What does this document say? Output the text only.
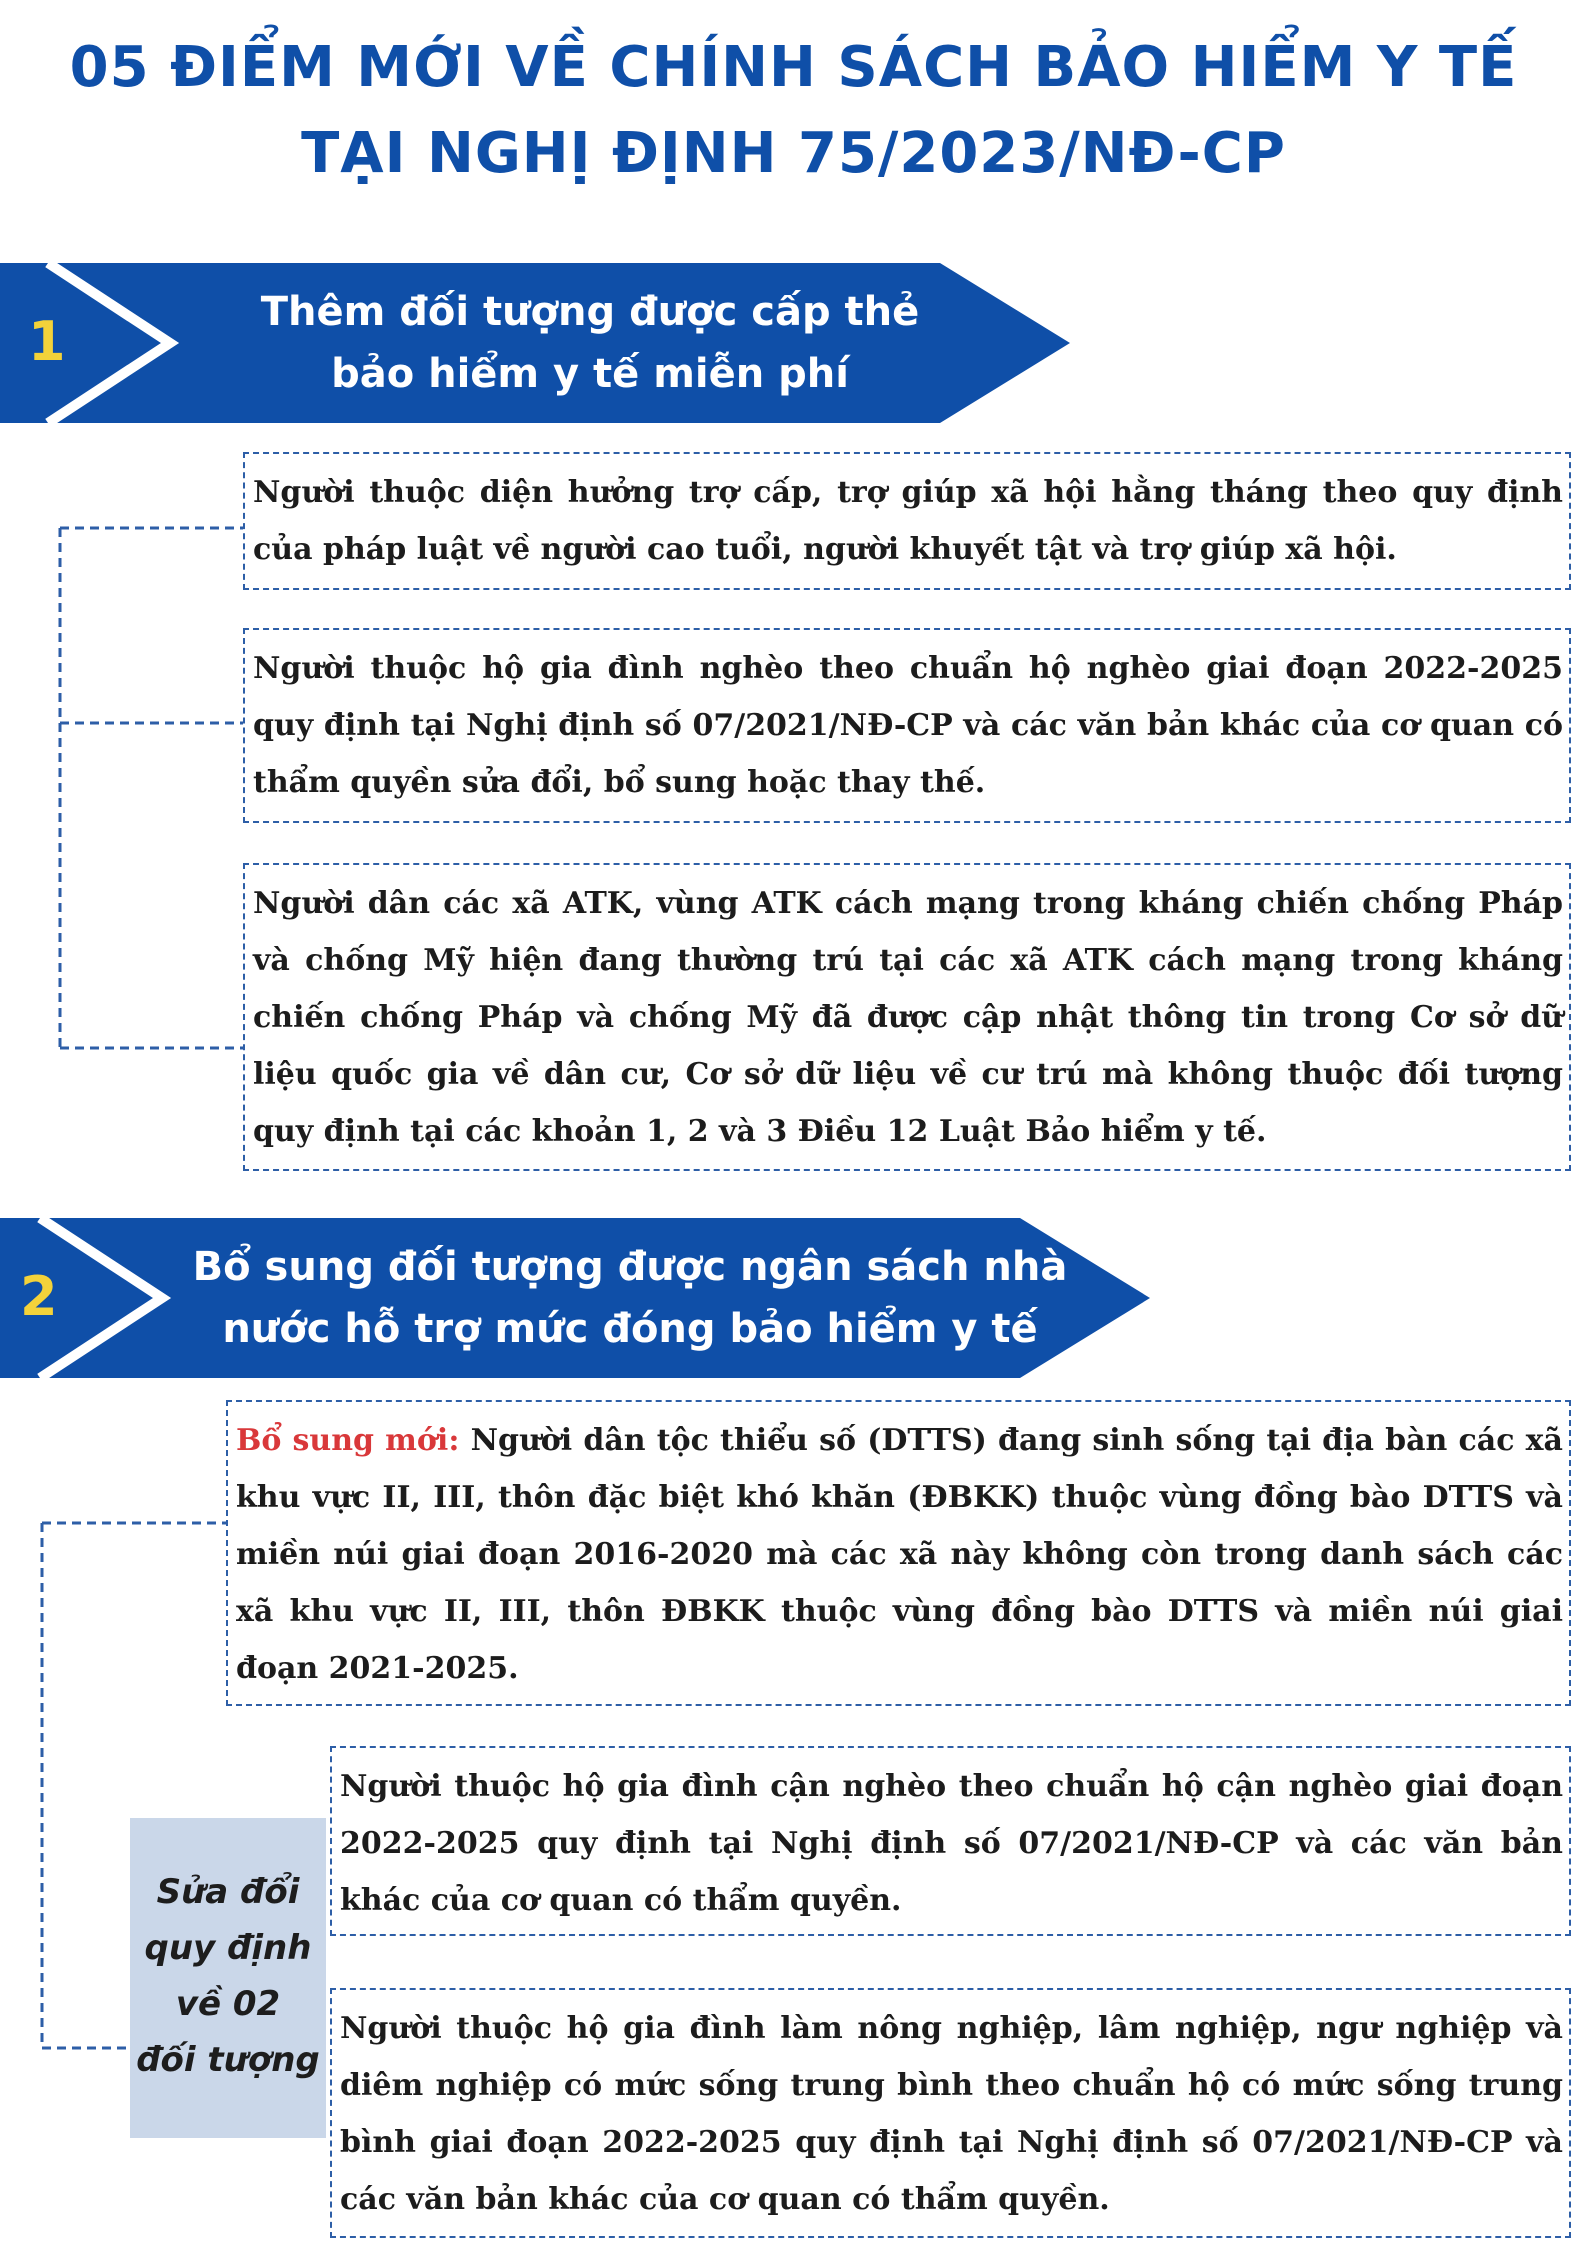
05 ĐIỂM MỚI VỀ CHÍNH SÁCH BẢO HIỂM Y TẾ
TẠI NGHỊ ĐỊNH 75/2023/NĐ-CP
1	Thêm đối tượng được cấp thẻ
bảo hiểm y tế miễn phí
Người thuộc diện hưởng trợ cấp, trợ giúp xã hội hằng tháng theo quy định của pháp luật về người cao tuổi, người khuyết tật và trợ giúp xã hội.
Người thuộc hộ gia đình nghèo theo chuẩn hộ nghèo giai đoạn 2022-2025 quy định tại Nghị định số 07/2021/NĐ-CP và các văn bản khác của cơ quan có thẩm quyền sửa đổi, bổ sung hoặc thay thế.
Người dân các xã ATK, vùng ATK cách mạng trong kháng chiến chống Pháp và chống Mỹ hiện đang thường trú tại các xã ATK cách mạng trong kháng chiến chống Pháp và chống Mỹ đã được cập nhật thông tin trong Cơ sở dữ liệu quốc gia về dân cư, Cơ sở dữ liệu về cư trú mà không thuộc đối tượng quy định tại các khoản 1, 2 và 3 Điều 12 Luật Bảo hiểm y tế.
2	Bổ sung đối tượng được ngân sách nhà
nước hỗ trợ mức đóng bảo hiểm y tế
Bổ sung mới: Người dân tộc thiểu số (DTTS) đang sinh sống tại địa bàn các xã khu vực II, III, thôn đặc biệt khó khăn (ĐBKK) thuộc vùng đồng bào DTTS và miền núi giai đoạn 2016-2020 mà các xã này không còn trong danh sách các xã khu vực II, III, thôn ĐBKK thuộc vùng đồng bào DTTS và miền núi giai đoạn 2021-2025.
Sửa đổi
quy định
về 02
đối tượng
Người thuộc hộ gia đình cận nghèo theo chuẩn hộ cận nghèo giai đoạn 2022-2025 quy định tại Nghị định số 07/2021/NĐ-CP và các văn bản khác của cơ quan có thẩm quyền.
Người thuộc hộ gia đình làm nông nghiệp, lâm nghiệp, ngư nghiệp và diêm nghiệp có mức sống trung bình theo chuẩn hộ có mức sống trung bình giai đoạn 2022-2025 quy định tại Nghị định số 07/2021/NĐ-CP và các văn bản khác của cơ quan có thẩm quyền.
